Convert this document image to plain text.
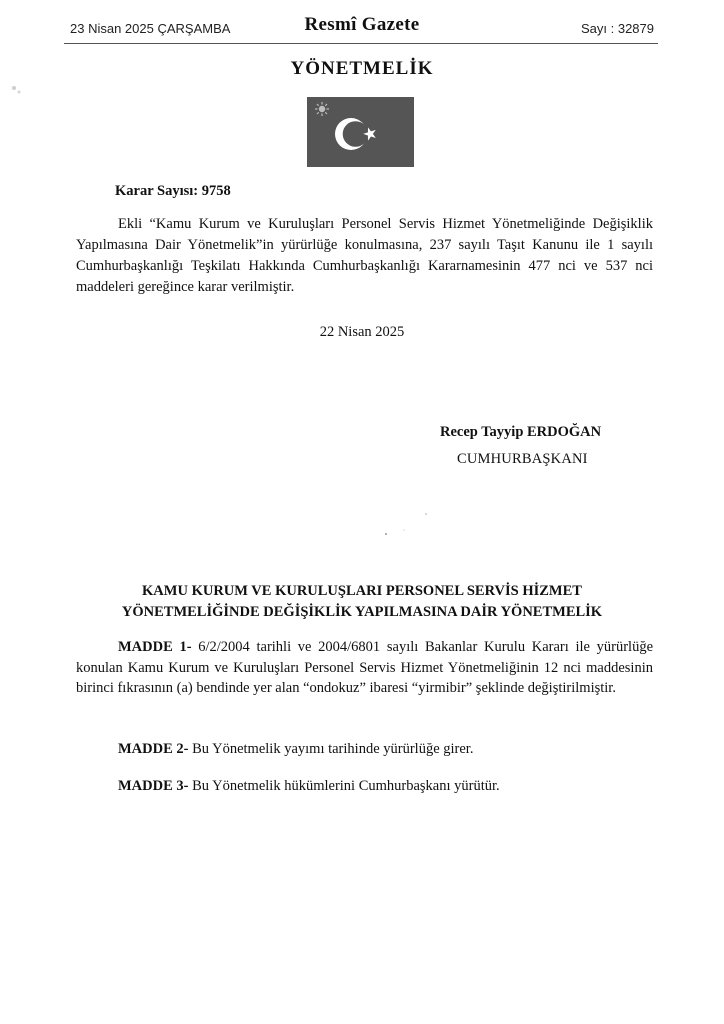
23 Nisan 2025 ÇARŞAMBA	Resmî Gazete	Sayı : 32879
YÖNETMELİK
Karar Sayısı: 9758

Ekli “Kamu Kurum ve Kuruluşları Personel Servis Hizmet Yönetmeliğinde Değişiklik Yapılmasına Dair Yönetmelik”in yürürlüğe konulmasına, 237 sayılı Taşıt Kanunu ile 1 sayılı Cumhurbaşkanlığı Teşkilatı Hakkında Cumhurbaşkanlığı Kararnamesinin 477 nci ve 537 nci maddeleri gereğince karar verilmiştir.

22 Nisan 2025
Recep Tayyip ERDOĞAN
CUMHURBAŞKANI
KAMU KURUM VE KURULUŞLARI PERSONEL SERVİS HİZMET
YÖNETMELİĞİNDE DEĞİŞİKLİK YAPILMASINA DAİR YÖNETMELİK

MADDE 1- 6/2/2004 tarihli ve 2004/6801 sayılı Bakanlar Kurulu Kararı ile yürürlüğe konulan Kamu Kurum ve Kuruluşları Personel Servis Hizmet Yönetmeliğinin 12 nci maddesinin birinci fıkrasının (a) bendinde yer alan “ondokuz” ibaresi “yirmibir” şeklinde değiştirilmiştir.

MADDE 2- Bu Yönetmelik yayımı tarihinde yürürlüğe girer.

MADDE 3- Bu Yönetmelik hükümlerini Cumhurbaşkanı yürütür.
